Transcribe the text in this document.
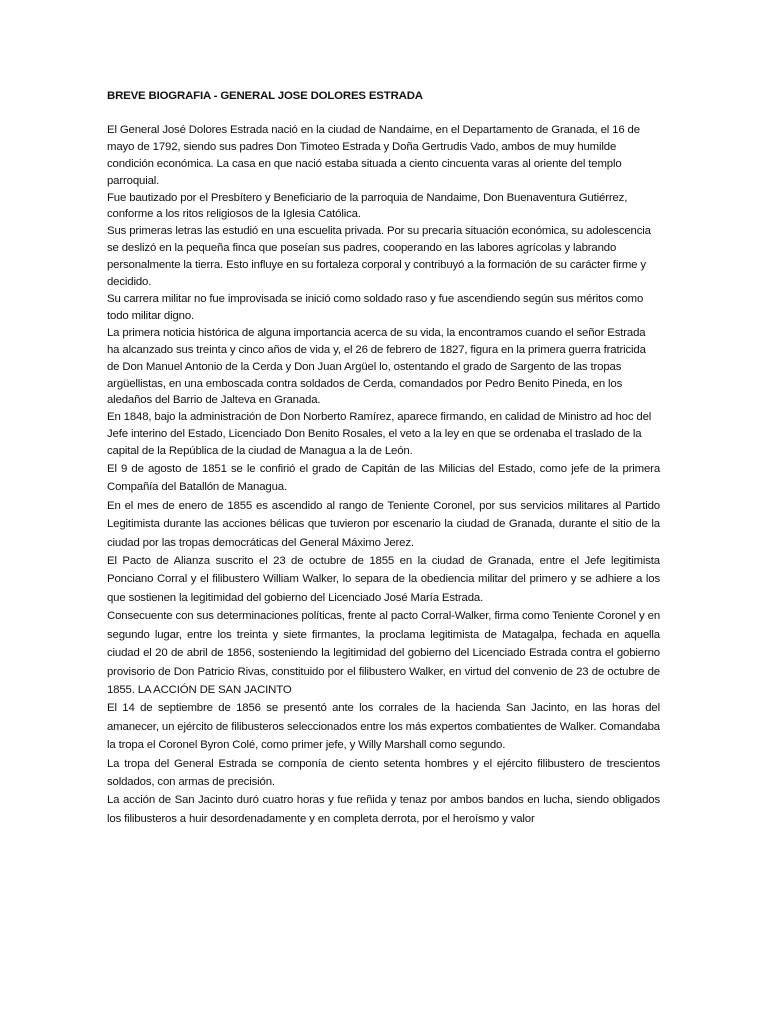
BREVE BIOGRAFIA - GENERAL JOSE DOLORES ESTRADA

El General José Dolores Estrada nació en la ciudad de Nandaime, en el Departamento de Granada, el 16 de mayo de 1792, siendo sus padres Don Timoteo Estrada y Doña Gertrudis Vado, ambos de muy humilde condición económica. La casa en que nació estaba situada a ciento cincuenta varas al oriente del templo parroquial.

Fue bautizado por el Presbítero y Beneficiario de la parroquia de Nandaime, Don Buenaventura Gutiérrez, conforme a los ritos religiosos de la Iglesia Católica.

Sus primeras letras las estudió en una escuelita privada. Por su precaria situación económica, su adolescencia se deslizó en la pequeña finca que poseían sus padres, cooperando en las labores agrícolas y labrando personalmente la tierra. Esto influye en su fortaleza corporal y contribuyó a la formación de su carácter firme y decidido.

Su carrera militar no fue improvisada se inició como soldado raso y fue ascendiendo según sus méritos como todo militar digno.

La primera noticia histórica de alguna importancia acerca de su vida, la encontramos cuando el señor Estrada ha alcanzado sus treinta y cinco años de vida y, el 26 de febrero de 1827, figura en la primera guerra fratricida de Don Manuel Antonio de la Cerda y Don Juan Argüel lo, ostentando el grado de Sargento de las tropas argüellistas, en una emboscada contra soldados de Cerda, comandados por Pedro Benito Pineda, en los aledaños del Barrio de Jalteva en Granada.

En 1848, bajo la administración de Don Norberto Ramírez, aparece firmando, en calidad de Ministro ad hoc del Jefe interino del Estado, Licenciado Don Benito Rosales, el veto a la ley en que se ordenaba el traslado de la capital de la República de la ciudad de Managua a la de León.

El 9 de agosto de 1851 se le confirió el grado de Capitán de las Milicias del Estado, como jefe de la primera Compañía del Batallón de Managua.

En el mes de enero de 1855 es ascendido al rango de Teniente Coronel, por sus servicios militares al Partido Legitimista durante las acciones bélicas que tuvieron por escenario la ciudad de Granada, durante el sitio de la ciudad por las tropas democráticas del General Máximo Jerez.

El Pacto de Alianza suscrito el 23 de octubre de 1855 en la ciudad de Granada, entre el Jefe legitimista Ponciano Corral y el filibustero William Walker, lo separa de la obediencia militar del primero y se adhiere a los que sostienen la legitimidad del gobierno del Licenciado José María Estrada.

Consecuente con sus determinaciones políticas, frente al pacto Corral-Walker, firma como Teniente Coronel y en segundo lugar, entre los treinta y siete firmantes, la proclama legitimista de Matagalpa, fechada en aquella ciudad el 20 de abril de 1856, sosteniendo la legitimidad del gobierno del Licenciado Estrada contra el gobierno provisorio de Don Patricio Rivas, constituido por el filibustero Walker, en virtud del convenio de 23 de octubre de 1855. LA ACCIÓN DE SAN JACINTO

El 14 de septiembre de 1856 se presentó ante los corrales de la hacienda San Jacinto, en las horas del amanecer, un ejército de filibusteros seleccionados entre los más expertos combatientes de Walker. Comandaba la tropa el Coronel Byron Colé, como primer jefe, y Willy Marshall como segundo.

La tropa del General Estrada se componía de ciento setenta hombres y el ejército filibustero de trescientos soldados, con armas de precisión.

La acción de San Jacinto duró cuatro horas y fue reñida y tenaz por ambos bandos en lucha, siendo obligados los filibusteros a huir desordenadamente y en completa derrota, por el heroísmo y valor
